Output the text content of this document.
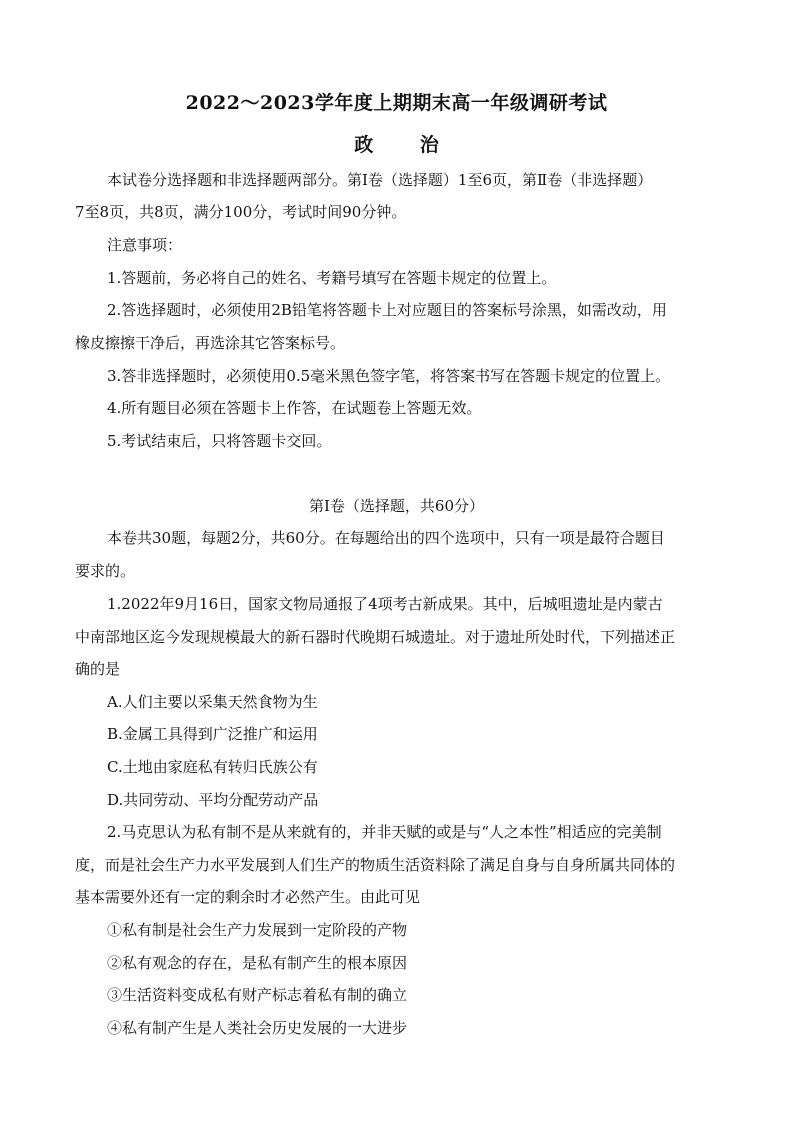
2022～2023学年度上期期末高一年级调研考试
政 治
本试卷分选择题和非选择题两部分。第Ⅰ卷（选择题）1至6页，第Ⅱ卷（非选择题）
7至8页，共8页，满分100分，考试时间90分钟。
注意事项：
1.答题前，务必将自己的姓名、考籍号填写在答题卡规定的位置上。
2.答选择题时，必须使用2B铅笔将答题卡上对应题目的答案标号涂黑，如需改动，用
橡皮擦擦干净后，再选涂其它答案标号。
3.答非选择题时，必须使用0.5毫米黑色签字笔，将答案书写在答题卡规定的位置上。
4.所有题目必须在答题卡上作答，在试题卷上答题无效。
5.考试结束后，只将答题卡交回。
第Ⅰ卷（选择题，共60分）
本卷共30题，每题2分，共60分。在每题给出的四个选项中，只有一项是最符合题目
要求的。
1.2022年9月16日，国家文物局通报了4项考古新成果。其中，后城咀遗址是内蒙古
中南部地区迄今发现规模最大的新石器时代晚期石城遗址。对于遗址所处时代，下列描述正
确的是
A.人们主要以采集天然食物为生
B.金属工具得到广泛推广和运用
C.土地由家庭私有转归氏族公有
D.共同劳动、平均分配劳动产品
2.马克思认为私有制不是从来就有的，并非天赋的或是与“人之本性”相适应的完美制
度，而是社会生产力水平发展到人们生产的物质生活资料除了满足自身与自身所属共同体的
基本需要外还有一定的剩余时才必然产生。由此可见
①私有制是社会生产力发展到一定阶段的产物
②私有观念的存在，是私有制产生的根本原因
③生活资料变成私有财产标志着私有制的确立
④私有制产生是人类社会历史发展的一大进步
